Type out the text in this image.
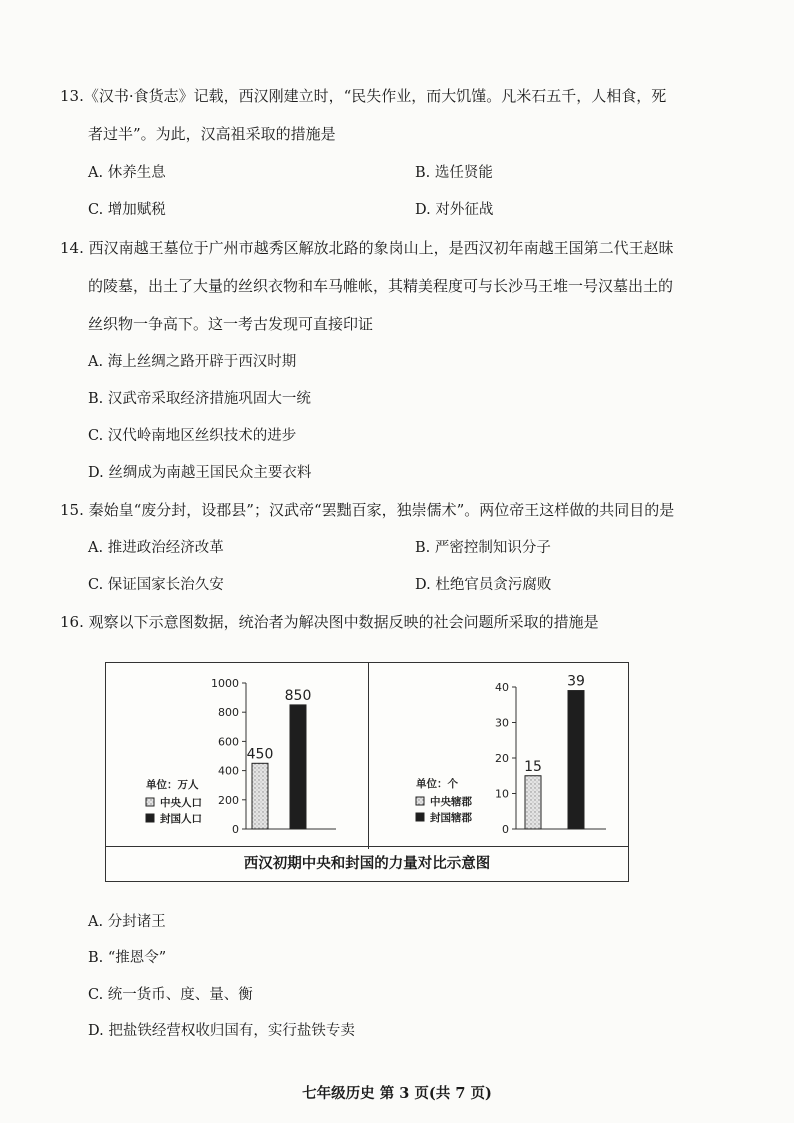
13.《汉书·食货志》记载，西汉刚建立时，“民失作业，而大饥馑。凡米石五千，人相食，死
者过半”。为此，汉高祖采取的措施是
A. 休养生息	B. 选任贤能
C. 增加赋税	D. 对外征战
14. 西汉南越王墓位于广州市越秀区解放北路的象岗山上，是西汉初年南越王国第二代王赵昧
的陵墓，出土了大量的丝织衣物和车马帷帐，其精美程度可与长沙马王堆一号汉墓出土的
丝织物一争高下。这一考古发现可直接印证
A. 海上丝绸之路开辟于西汉时期
B. 汉武帝采取经济措施巩固大一统
C. 汉代岭南地区丝织技术的进步
D. 丝绸成为南越王国民众主要衣料
15. 秦始皇“废分封，设郡县”；汉武帝“罢黜百家，独崇儒术”。两位帝王这样做的共同目的是
A. 推进政治经济改革	B. 严密控制知识分子
C. 保证国家长治久安	D. 杜绝官员贪污腐败
16. 观察以下示意图数据，统治者为解决图中数据反映的社会问题所采取的措施是
0
200
400
600
800
1000
450
850
单位：万人
中央人口
封国人口
0
10
20
30
40
15
39
单位：个
中央辖郡
封国辖郡
西汉初期中央和封国的力量对比示意图
A. 分封诸王
B. “推恩令”
C. 统一货币、度、量、衡
D. 把盐铁经营权收归国有，实行盐铁专卖
七年级历史 第 3 页(共 7 页)
